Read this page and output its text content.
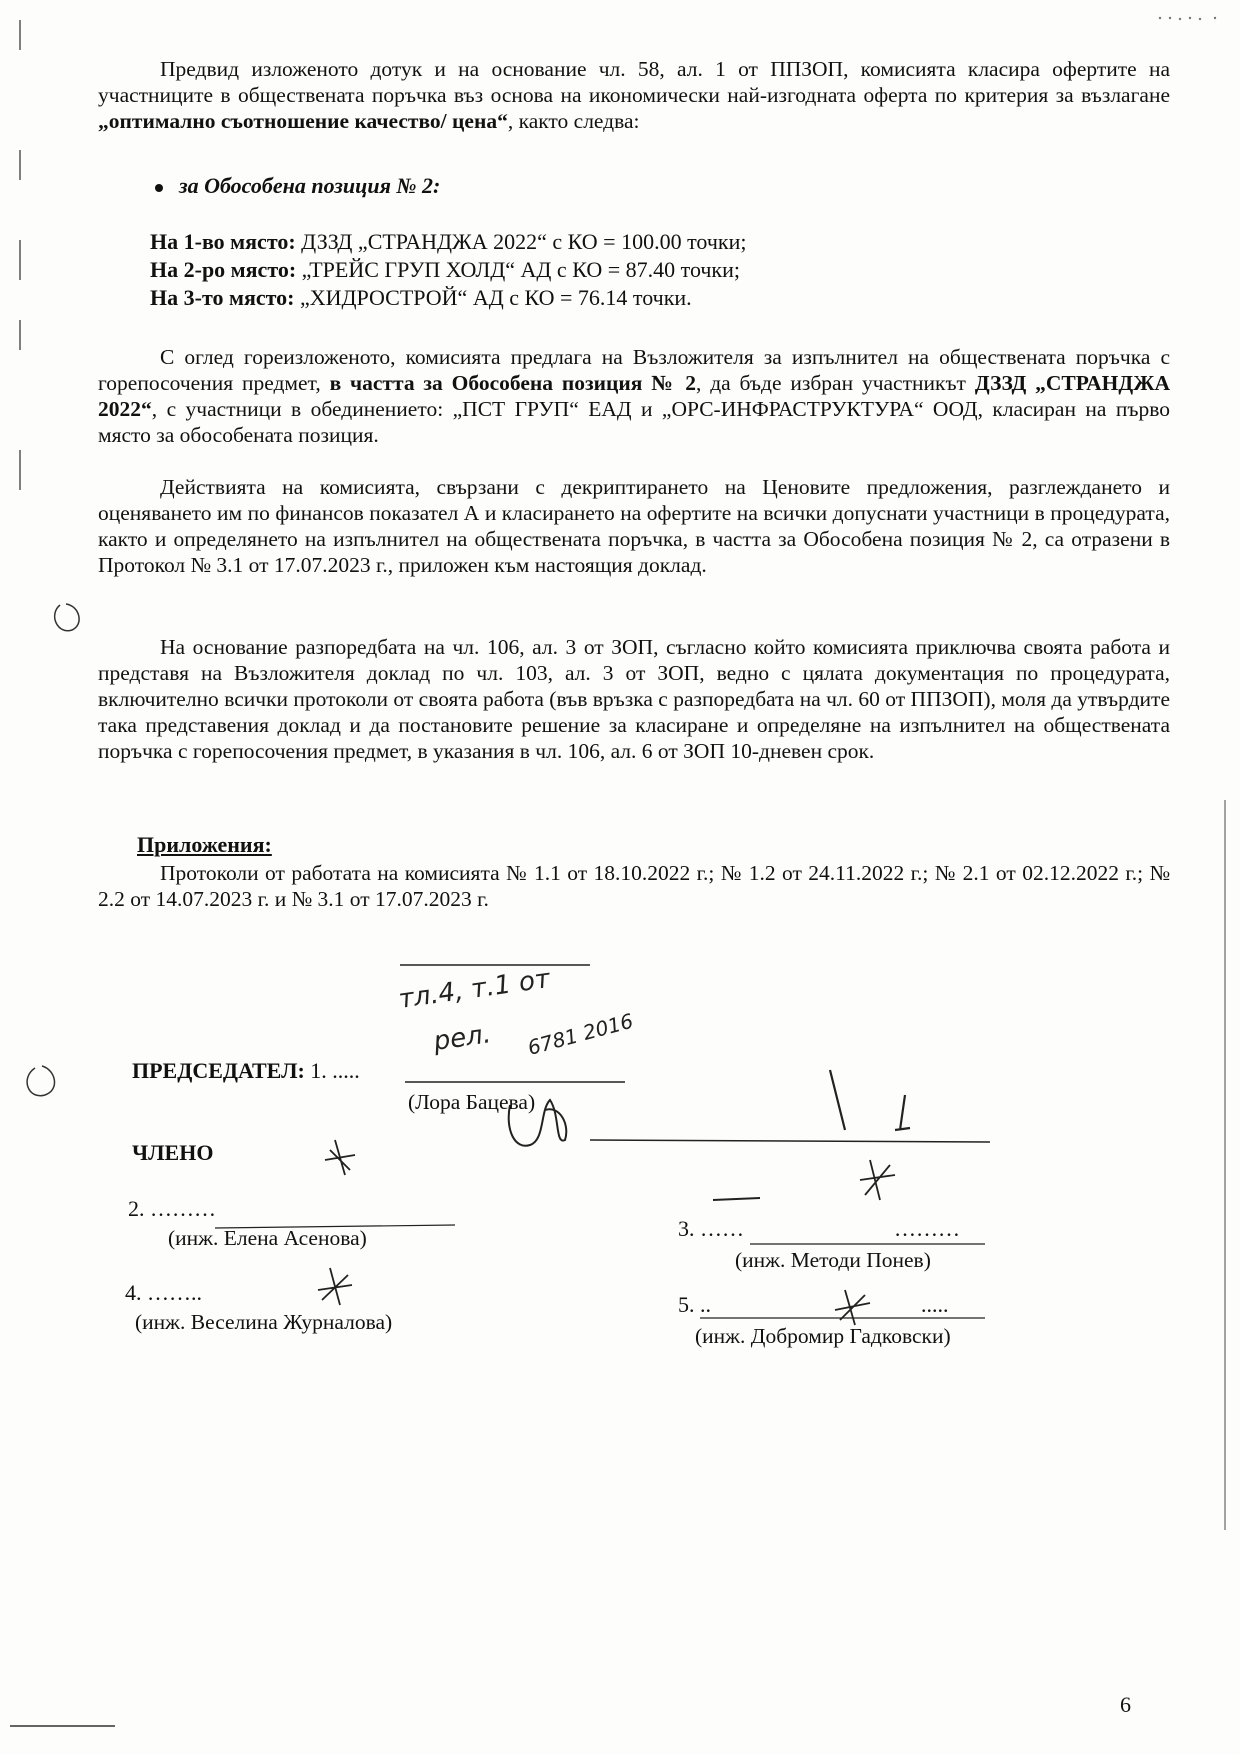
Предвид изложеното дотук и на основание чл. 58, ал. 1 от ППЗОП, комисията класира офертите на участниците в обществената поръчка въз основа на икономически най-изгодната оферта по критерия за възлагане „оптимално съотношение качество/ цена“, както следва:

за Обособена позиция № 2:
На 1-во място: ДЗЗД „СТРАНДЖА 2022“ с КО = 100.00 точки;
На 2-ро място: „ТРЕЙС ГРУП ХОЛД“ АД с КО = 87.40 точки;
На 3-то място: „ХИДРОСТРОЙ“ АД с КО = 76.14 точки.

С оглед гореизложеното, комисията предлага на Възложителя за изпълнител на обществената поръчка с горепосочения предмет, в частта за Обособена позиция № 2, да бъде избран участникът ДЗЗД „СТРАНДЖА 2022“, с участници в обединението: „ПСТ ГРУП“ ЕАД и „ОРС-ИНФРАСТРУКТУРА“ ООД, класиран на първо място за обособената позиция.

Действията на комисията, свързани с декриптирането на Ценовите предложения, разглеждането и оценяването им по финансов показател А и класирането на офертите на всички допуснати участници в процедурата, както и определянето на изпълнител на обществената поръчка, в частта за Обособена позиция № 2, са отразени в Протокол № 3.1 от 17.07.2023 г., приложен към настоящия доклад.

На основание разпоредбата на чл. 106, ал. 3 от ЗОП, съгласно който комисията приключва своята работа и представя на Възложителя доклад по чл. 103, ал. 3 от ЗОП, ведно с цялата документация по процедурата, включително всички протоколи от своята работа (във връзка с разпоредбата на чл. 60 от ППЗОП), моля да утвърдите така представения доклад и да постановите решение за класиране и определяне на изпълнител на обществената поръчка с горепосочения предмет, в указания в чл. 106, ал. 6 от ЗОП 10-дневен срок.

Приложения:

Протоколи от работата на комисията № 1.1 от 18.10.2022 г.; № 1.2 от 24.11.2022 г.; № 2.1 от 02.12.2022 г.; № 2.2 от 14.07.2023 г. и № 3.1 от 17.07.2023 г.

тл.4, т.1 от
рел. 6781 2016
ПРЕДСЕДАТЕЛ: 1. .....
(Лора Бацева)
ЧЛЕНО
2. ………
(инж. Елена Асенова)	3. ……	………
(инж. Методи Понев)
4. ……..
(инж. Веселина Журналова)
5. ..	.....
(инж. Добромир Гадковски)
6
